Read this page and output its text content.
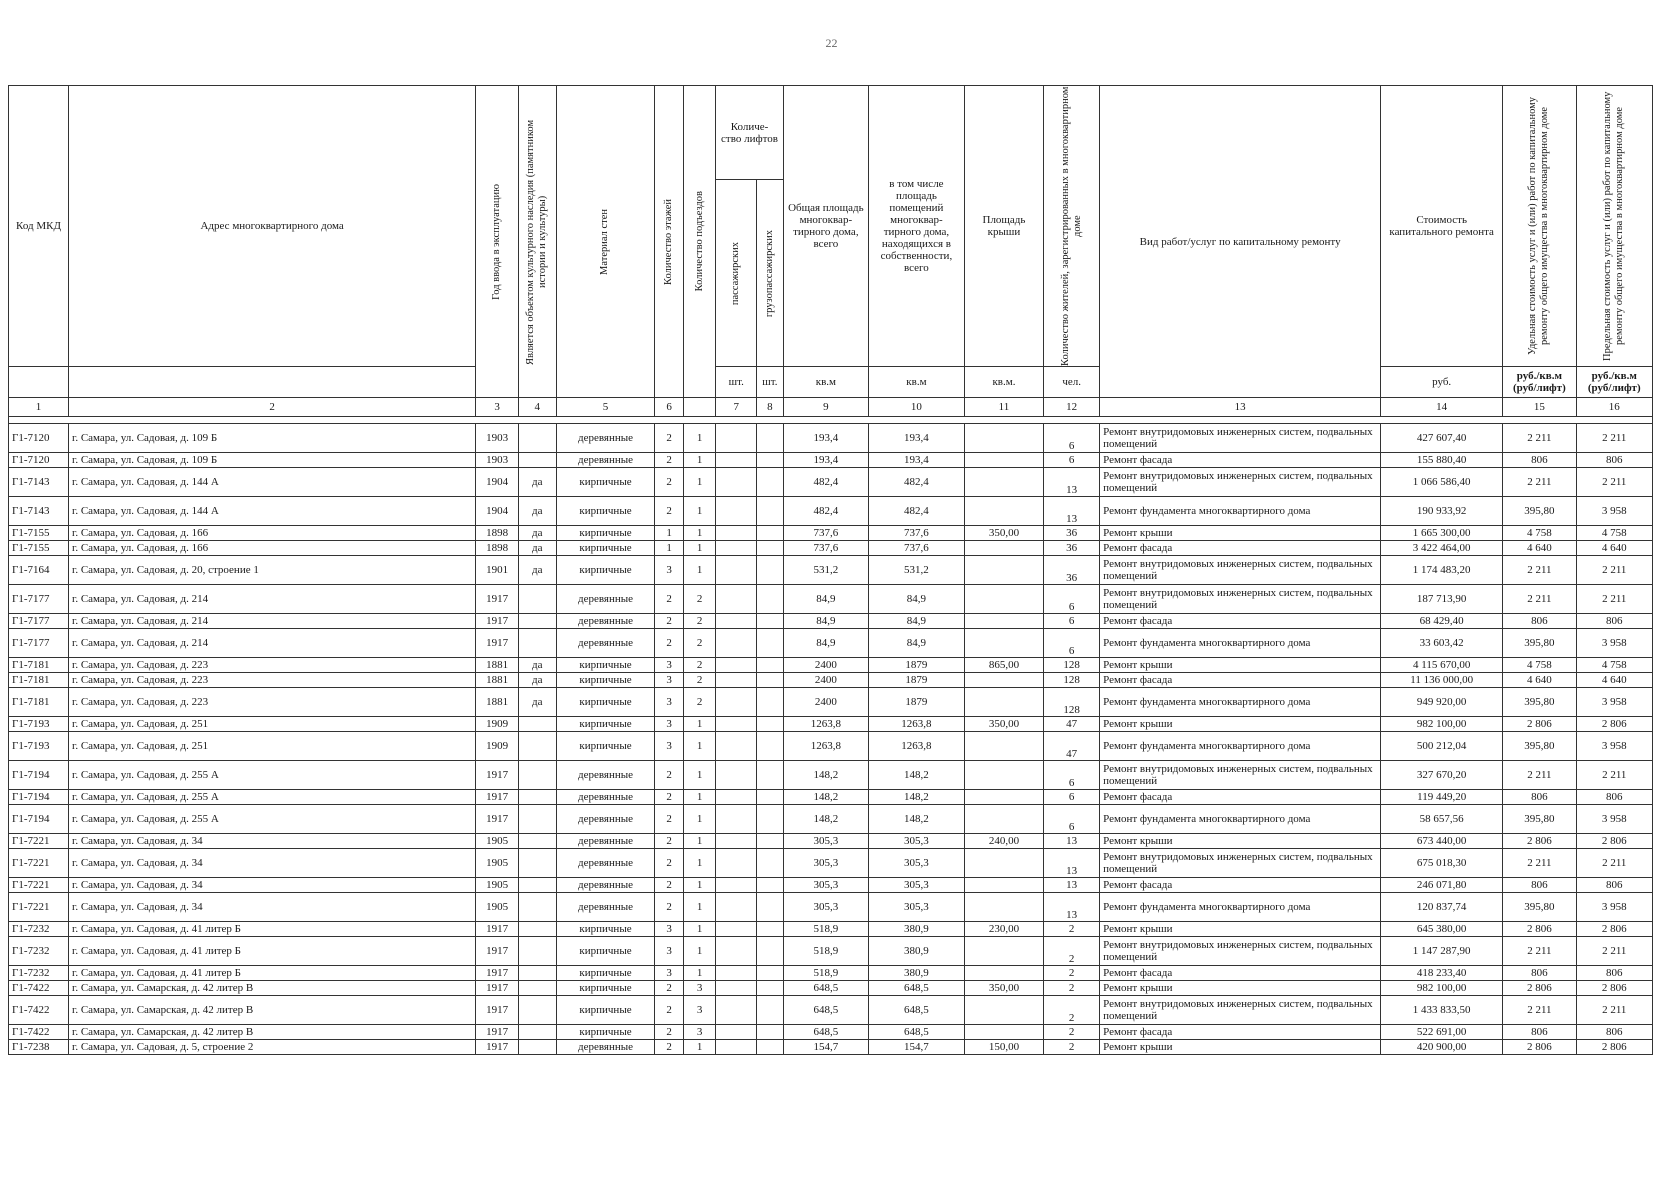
22
Код МКД	Адрес многоквартирного дома	Год ввода в эксплуатацию	Является объектом культурного наследия (памятником истории и культуры)	Материал стен	Количество этажей	Количество подъездов	Количе- ство лифтов		Общая площадь многоквар- тирного дома, всего	в том числе площадь помещений многоквар- тирного дома, находящихся в собственности, всего	Площадь крыши	Количество жителей, зарегистрированных в многоквартирном доме	Вид работ/услуг по капитальному ремонту	Стоимость капитального ремонта	Удельная стоимость услуг и (или) работ по капитальному ремонту общего имущества в многоквартирном доме	Предельная стоимость услуг и (или) работ по капитальному ремонту общего имущества в многоквартирном доме

							пассажирских	грузопассажирских								

							шт.	шт.	кв.м	кв.м	кв.м.	чел.		руб.	руб./кв.м (руб/лифт)	руб./кв.м (руб/лифт)
1	2	3	4	5	6		7	8	9	10	11	12	13	14	15	16

Г1-7120	г. Самара, ул. Садовая, д. 109 Б	1903		деревянные	2	1			193,4	193,4		6	Ремонт внутридомовых инженерных систем, подвальных помещений	427 607,40	2 211	2 211
Г1-7120	г. Самара, ул. Садовая, д. 109 Б	1903		деревянные	2	1			193,4	193,4		6	Ремонт фасада	155 880,40	806	806
Г1-7143	г. Самара, ул. Садовая, д. 144 А	1904	да	кирпичные	2	1			482,4	482,4		13	Ремонт внутридомовых инженерных систем, подвальных помещений	1 066 586,40	2 211	2 211
Г1-7143	г. Самара, ул. Садовая, д. 144 А	1904	да	кирпичные	2	1			482,4	482,4		13	Ремонт фундамента многоквартирного дома	190 933,92	395,80	3 958
Г1-7155	г. Самара, ул. Садовая, д. 166	1898	да	кирпичные	1	1			737,6	737,6	350,00	36	Ремонт крыши	1 665 300,00	4 758	4 758
Г1-7155	г. Самара, ул. Садовая, д. 166	1898	да	кирпичные	1	1			737,6	737,6		36	Ремонт фасада	3 422 464,00	4 640	4 640
Г1-7164	г. Самара, ул. Садовая, д. 20, строение 1	1901	да	кирпичные	3	1			531,2	531,2		36	Ремонт внутридомовых инженерных систем, подвальных помещений	1 174 483,20	2 211	2 211
Г1-7177	г. Самара, ул. Садовая, д. 214	1917		деревянные	2	2			84,9	84,9		6	Ремонт внутридомовых инженерных систем, подвальных помещений	187 713,90	2 211	2 211
Г1-7177	г. Самара, ул. Садовая, д. 214	1917		деревянные	2	2			84,9	84,9		6	Ремонт фасада	68 429,40	806	806
Г1-7177	г. Самара, ул. Садовая, д. 214	1917		деревянные	2	2			84,9	84,9		6	Ремонт фундамента многоквартирного дома	33 603,42	395,80	3 958
Г1-7181	г. Самара, ул. Садовая, д. 223	1881	да	кирпичные	3	2			2400	1879	865,00	128	Ремонт крыши	4 115 670,00	4 758	4 758
Г1-7181	г. Самара, ул. Садовая, д. 223	1881	да	кирпичные	3	2			2400	1879		128	Ремонт фасада	11 136 000,00	4 640	4 640
Г1-7181	г. Самара, ул. Садовая, д. 223	1881	да	кирпичные	3	2			2400	1879		128	Ремонт фундамента многоквартирного дома	949 920,00	395,80	3 958
Г1-7193	г. Самара, ул. Садовая, д. 251	1909		кирпичные	3	1			1263,8	1263,8	350,00	47	Ремонт крыши	982 100,00	2 806	2 806
Г1-7193	г. Самара, ул. Садовая, д. 251	1909		кирпичные	3	1			1263,8	1263,8		47	Ремонт фундамента многоквартирного дома	500 212,04	395,80	3 958
Г1-7194	г. Самара, ул. Садовая, д. 255 А	1917		деревянные	2	1			148,2	148,2		6	Ремонт внутридомовых инженерных систем, подвальных помещений	327 670,20	2 211	2 211
Г1-7194	г. Самара, ул. Садовая, д. 255 А	1917		деревянные	2	1			148,2	148,2		6	Ремонт фасада	119 449,20	806	806
Г1-7194	г. Самара, ул. Садовая, д. 255 А	1917		деревянные	2	1			148,2	148,2		6	Ремонт фундамента многоквартирного дома	58 657,56	395,80	3 958
Г1-7221	г. Самара, ул. Садовая, д. 34	1905		деревянные	2	1			305,3	305,3	240,00	13	Ремонт крыши	673 440,00	2 806	2 806
Г1-7221	г. Самара, ул. Садовая, д. 34	1905		деревянные	2	1			305,3	305,3		13	Ремонт внутридомовых инженерных систем, подвальных помещений	675 018,30	2 211	2 211
Г1-7221	г. Самара, ул. Садовая, д. 34	1905		деревянные	2	1			305,3	305,3		13	Ремонт фасада	246 071,80	806	806
Г1-7221	г. Самара, ул. Садовая, д. 34	1905		деревянные	2	1			305,3	305,3		13	Ремонт фундамента многоквартирного дома	120 837,74	395,80	3 958
Г1-7232	г. Самара, ул. Садовая, д. 41 литер Б	1917		кирпичные	3	1			518,9	380,9	230,00	2	Ремонт крыши	645 380,00	2 806	2 806
Г1-7232	г. Самара, ул. Садовая, д. 41 литер Б	1917		кирпичные	3	1			518,9	380,9		2	Ремонт внутридомовых инженерных систем, подвальных помещений	1 147 287,90	2 211	2 211
Г1-7232	г. Самара, ул. Садовая, д. 41 литер Б	1917		кирпичные	3	1			518,9	380,9		2	Ремонт фасада	418 233,40	806	806
Г1-7422	г. Самара, ул. Самарская, д. 42 литер В	1917		кирпичные	2	3			648,5	648,5	350,00	2	Ремонт крыши	982 100,00	2 806	2 806
Г1-7422	г. Самара, ул. Самарская, д. 42 литер В	1917		кирпичные	2	3			648,5	648,5		2	Ремонт внутридомовых инженерных систем, подвальных помещений	1 433 833,50	2 211	2 211
Г1-7422	г. Самара, ул. Самарская, д. 42 литер В	1917		кирпичные	2	3			648,5	648,5		2	Ремонт фасада	522 691,00	806	806
Г1-7238	г. Самара, ул. Садовая, д. 5, строение 2	1917		деревянные	2	1			154,7	154,7	150,00	2	Ремонт крыши	420 900,00	2 806	2 806
